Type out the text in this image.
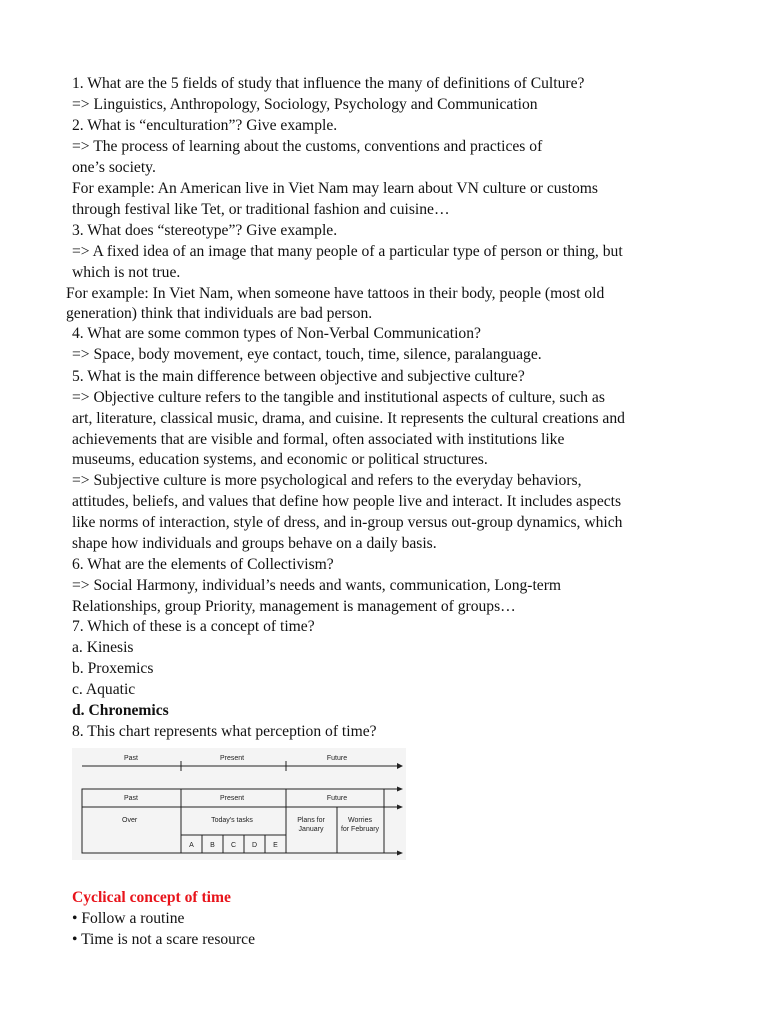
1. What are the 5 fields of study that influence the many of definitions of Culture?
=> Linguistics, Anthropology, Sociology, Psychology and Communication
2. What is “enculturation”? Give example.
=> The process of learning about the customs, conventions and practices of
one’s society.
For example: An American live in Viet Nam may learn about VN culture or customs
through festival like Tet, or traditional fashion and cuisine…
3. What does “stereotype”? Give example.
=> A fixed idea of an image that many people of a particular type of person or thing, but
which is not true.
For example: In Viet Nam, when someone have tattoos in their body, people (most old
generation) think that individuals are bad person.
4. What are some common types of Non-Verbal Communication?
=> Space, body movement, eye contact, touch, time, silence, paralanguage.
5. What is the main difference between objective and subjective culture?
=> Objective culture refers to the tangible and institutional aspects of culture, such as
art, literature, classical music, drama, and cuisine. It represents the cultural creations and
achievements that are visible and formal, often associated with institutions like
museums, education systems, and economic or political structures.
=> Subjective culture is more psychological and refers to the everyday behaviors,
attitudes, beliefs, and values that define how people live and interact. It includes aspects
like norms of interaction, style of dress, and in-group versus out-group dynamics, which
shape how individuals and groups behave on a daily basis.
6. What are the elements of Collectivism?
=> Social Harmony, individual’s needs and wants, communication, Long-term
Relationships, group Priority, management is management of groups…
7. Which of these is a concept of time?
a. Kinesis
b. Proxemics
c. Aquatic
d. Chronemics
8. This chart represents what perception of time?
Past	Present	Future
Past	Present	Future
Over	Today's tasks	Plans for
January
Worries
for February
A B C D E
Cyclical concept of time
• Follow a routine
• Time is not a scare resource
